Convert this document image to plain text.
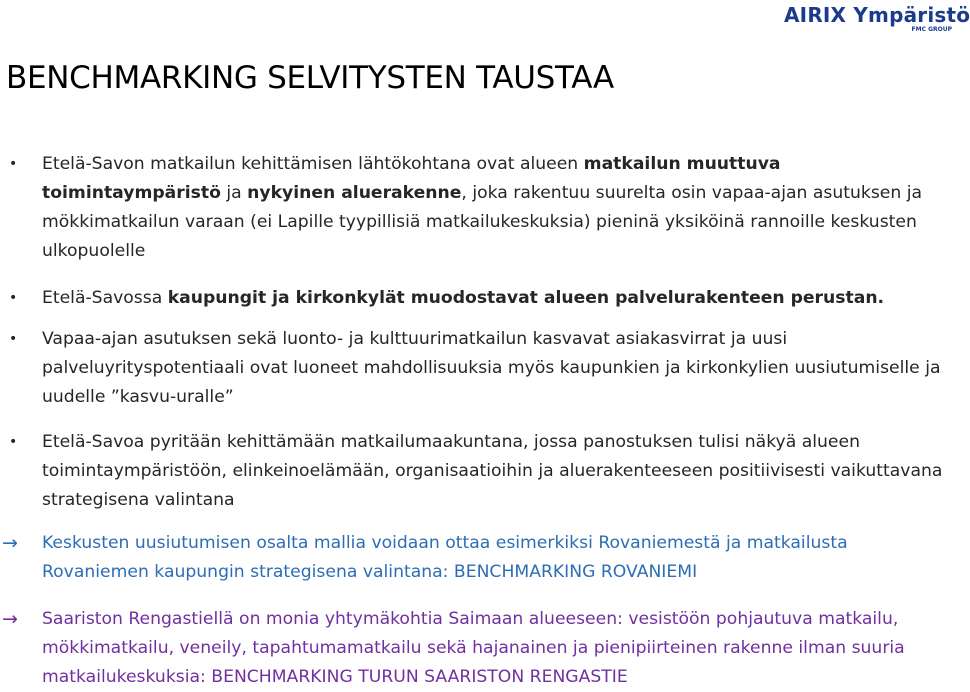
AIRIX Ympäristö
FMC GROUP
BENCHMARKING SELVITYSTEN TAUSTAA
• Etelä-Savon matkailun kehittämisen lähtökohtana ovat alueen matkailun muuttuva toimintaympäristö ja nykyinen aluerakenne, joka rakentuu suurelta osin vapaa-ajan asutuksen ja mökkimatkailun varaan (ei Lapille tyypillisiä matkailukeskuksia) pieninä yksiköinä rannoille keskusten ulkopuolelle
• Etelä-Savossa kaupungit ja kirkonkylät muodostavat alueen palvelurakenteen perustan.
• Vapaa-ajan asutuksen sekä luonto- ja kulttuurimatkailun kasvavat asiakasvirrat ja uusi palveluyrityspotentiaali ovat luoneet mahdollisuuksia myös kaupunkien ja kirkonkylien uusiutumiselle ja uudelle ”kasvu-uralle”
• Etelä-Savoa pyritään kehittämään matkailumaakuntana, jossa panostuksen tulisi näkyä alueen toimintaympäristöön, elinkeinoelämään, organisaatioihin ja aluerakenteeseen positiivisesti vaikuttavana strategisena valintana
→ Keskusten uusiutumisen osalta mallia voidaan ottaa esimerkiksi Rovaniemestä ja matkailusta Rovaniemen kaupungin strategisena valintana: BENCHMARKING ROVANIEMI
→ Saariston Rengastiellä on monia yhtymäkohtia Saimaan alueeseen: vesistöön pohjautuva matkailu, mökkimatkailu, veneily, tapahtumamatkailu sekä hajanainen ja pienipiirteinen rakenne ilman suuria matkailukeskuksia: BENCHMARKING TURUN SAARISTON RENGASTIE
